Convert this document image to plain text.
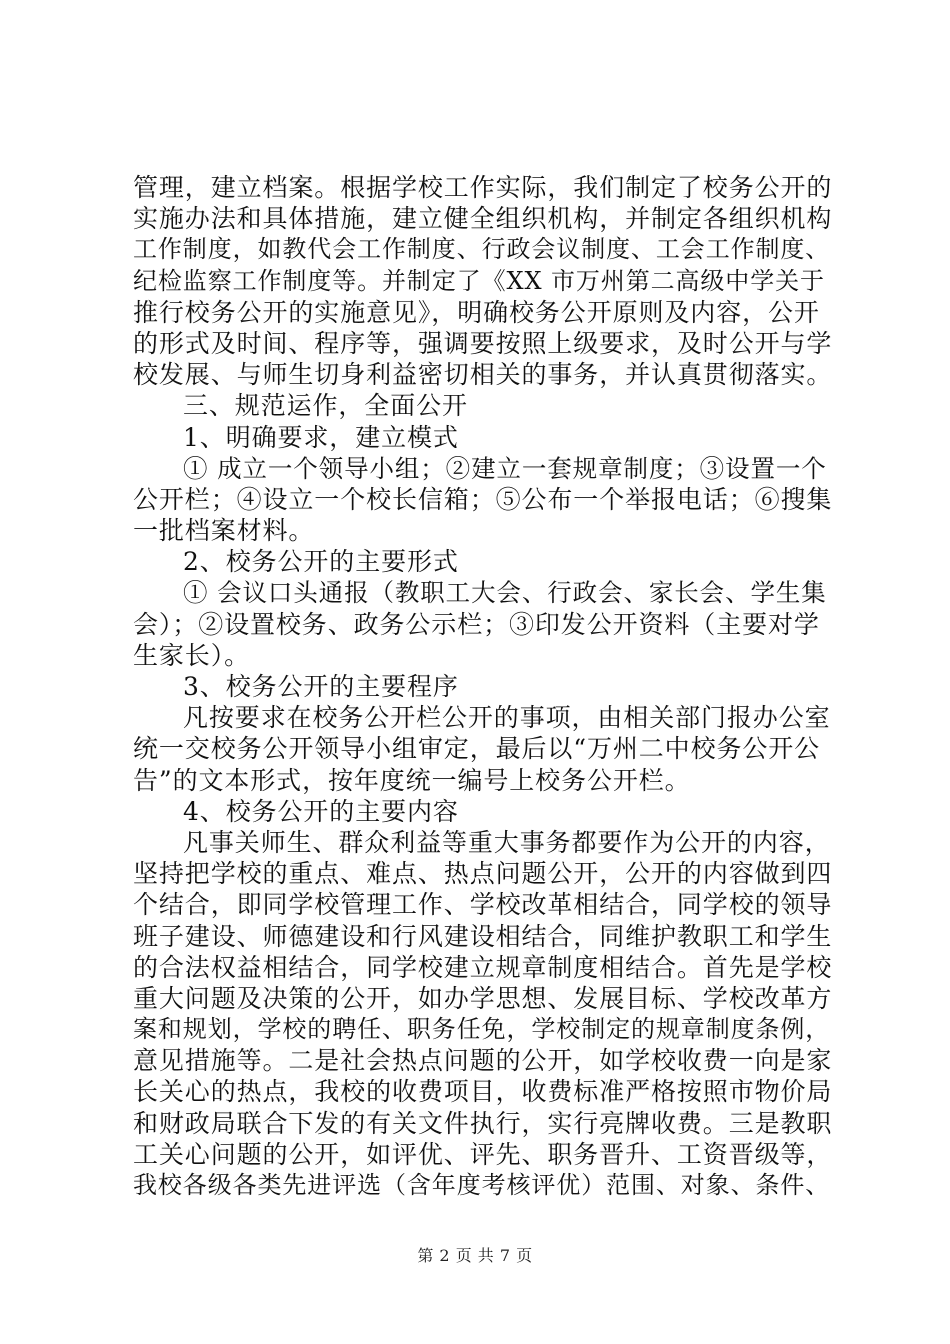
管理，建立档案。根据学校工作实际，我们制定了校务公开的
实施办法和具体措施，建立健全组织机构，并制定各组织机构
工作制度，如教代会工作制度、行政会议制度、工会工作制度、
纪检监察工作制度等。并制定了《XX 市万州第二高级中学关于
推行校务公开的实施意见》，明确校务公开原则及内容，公开
的形式及时间、程序等，强调要按照上级要求，及时公开与学
校发展、与师生切身利益密切相关的事务，并认真贯彻落实。
三、规范运作，全面公开
1、明确要求，建立模式
① 成立一个领导小组；②建立一套规章制度；③设置一个
公开栏；④设立一个校长信箱；⑤公布一个举报电话；⑥搜集
一批档案材料。
2、校务公开的主要形式
① 会议口头通报（教职工大会、行政会、家长会、学生集
会）；②设置校务、政务公示栏；③印发公开资料（主要对学
生家长）。
3、校务公开的主要程序
凡按要求在校务公开栏公开的事项，由相关部门报办公室
统一交校务公开领导小组审定，最后以“万州二中校务公开公
告”的文本形式，按年度统一编号上校务公开栏。
4、校务公开的主要内容
凡事关师生、群众利益等重大事务都要作为公开的内容，
坚持把学校的重点、难点、热点问题公开，公开的内容做到四
个结合，即同学校管理工作、学校改革相结合，同学校的领导
班子建设、师德建设和行风建设相结合，同维护教职工和学生
的合法权益相结合，同学校建立规章制度相结合。首先是学校
重大问题及决策的公开，如办学思想、发展目标、学校改革方
案和规划，学校的聘任、职务任免，学校制定的规章制度条例，
意见措施等。二是社会热点问题的公开，如学校收费一向是家
长关心的热点，我校的收费项目，收费标准严格按照市物价局
和财政局联合下发的有关文件执行，实行亮牌收费。三是教职
工关心问题的公开，如评优、评先、职务晋升、工资晋级等，
我校各级各类先进评选（含年度考核评优）范围、对象、条件、
第 2 页 共 7 页
